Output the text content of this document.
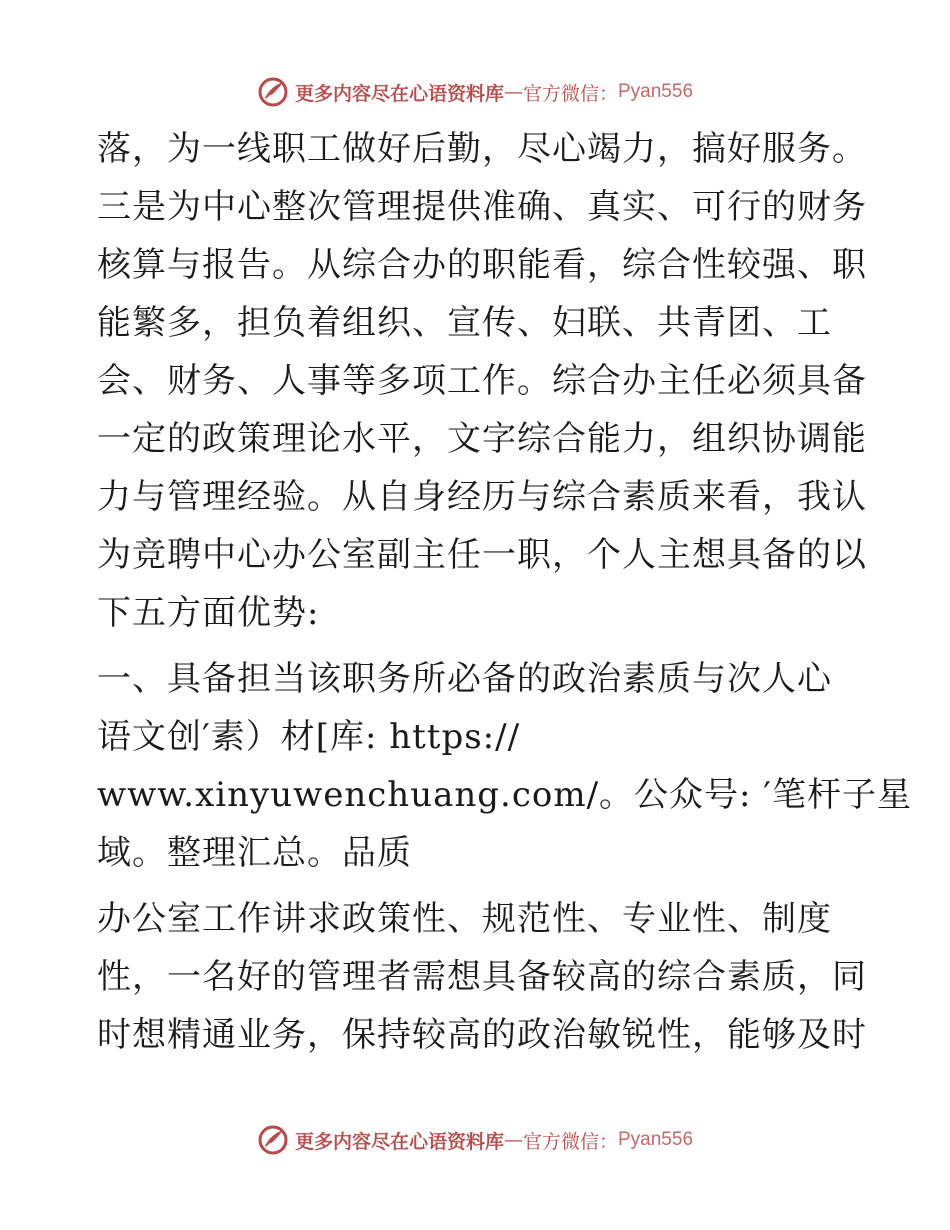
更多内容尽在心语资料库 — 官方微信： Pyan556
落，为一线职工做好后勤，尽心竭力，搞好服务。
三是为中心整次管理提供准确、真实、可行的财务
核算与报告。从综合办的职能看，综合性较强、职
能繁多，担负着组织、宣传、妇联、共青团、工
会、财务、人事等多项工作。综合办主任必须具备
一定的政策理论水平，文字综合能力，组织协调能
力与管理经验。从自身经历与综合素质来看，我认
为竞聘中心办公室副主任一职，个人主想具备的以
下五方面优势:
一、具备担当该职务所必备的政治素质与次人心
语文创′素）材[库: https://
www.xinyuwenchuang.com/。公众号: ′笔杆子星
域。整理汇总。品质
办公室工作讲求政策性、规范性、专业性、制度
性，一名好的管理者需想具备较高的综合素质，同
时想精通业务，保持较高的政治敏锐性，能够及时
更多内容尽在心语资料库 — 官方微信： Pyan556
